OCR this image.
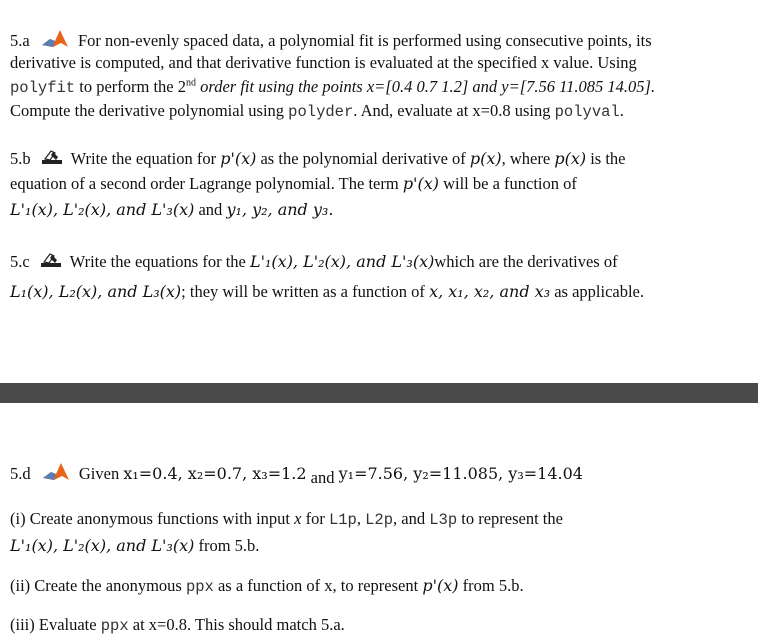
5.a	For non-evenly spaced data, a polynomial fit is performed using consecutive points, its
derivative is computed, and that derivative function is evaluated at the specified x value. Using
polyfit to perform the 2nd order fit using the points x=[0.4 0.7 1.2] and y=[7.56 11.085 14.05].
Compute the derivative polynomial using polyder. And, evaluate at x=0.8 using polyval.
5.b Write the equation for p'(x) as the polynomial derivative of p(x), where p(x) is the
equation of a second order Lagrange polynomial. The term p'(x) will be a function of
L'₁(x), L'₂(x), and L'₃(x) and y₁, y₂, and y₃.
5.c Write the equations for the L'₁(x), L'₂(x), and L'₃(x)which are the derivatives of
L₁(x), L₂(x), and L₃(x); they will be written as a function of x, x₁, x₂, and x₃ as applicable.
5.d	Given x₁=0.4, x₂=0.7, x₃=1.2 and y₁=7.56, y₂=11.085, y₃=14.04
(i) Create anonymous functions with input x for L1p, L2p, and L3p to represent the
L'₁(x), L'₂(x), and L'₃(x) from 5.b.
(ii) Create the anonymous ppx as a function of x, to represent p'(x) from 5.b.
(iii) Evaluate ppx at x=0.8. This should match 5.a.
